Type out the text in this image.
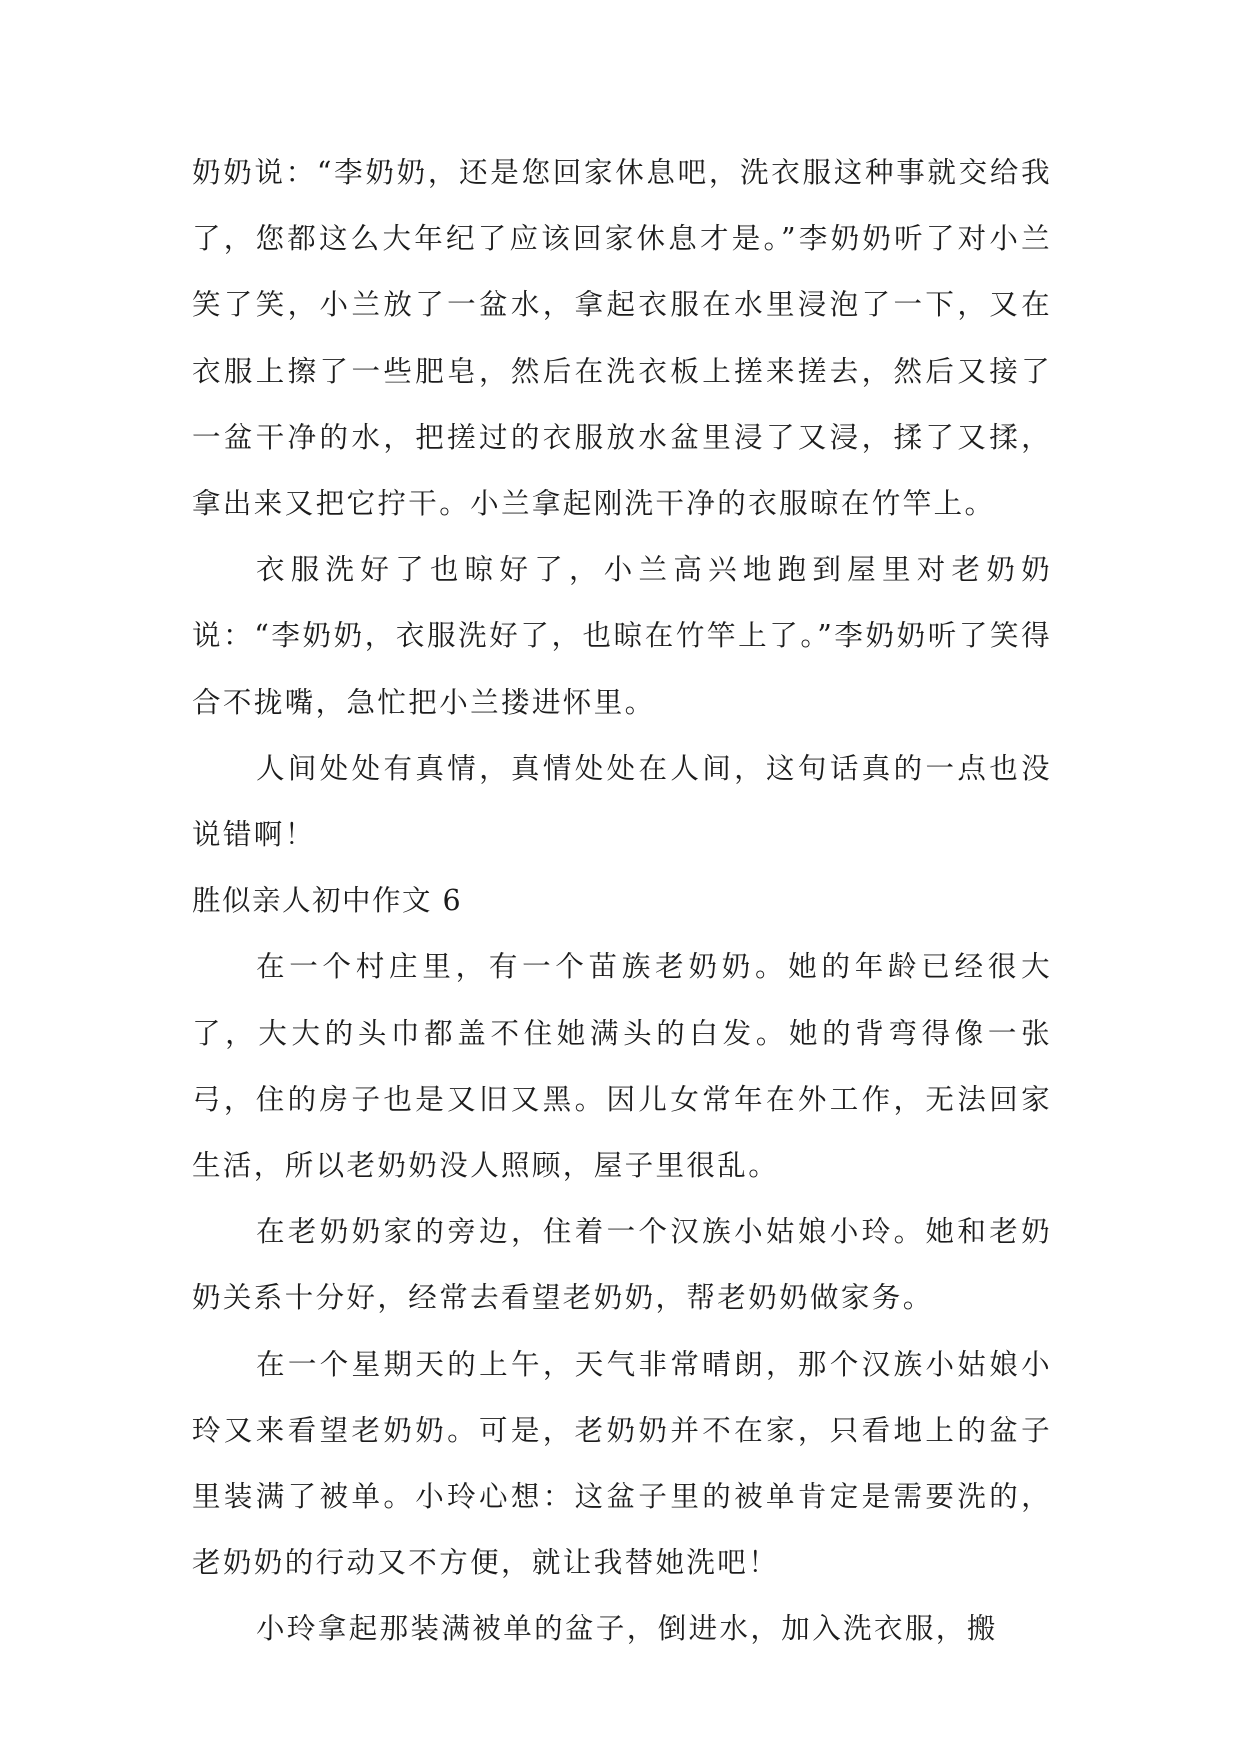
奶奶说：“李奶奶，还是您回家休息吧，洗衣服这种事就交给我了，您都这么大年纪了应该回家休息才是。”李奶奶听了对小兰笑了笑，小兰放了一盆水，拿起衣服在水里浸泡了一下，又在衣服上擦了一些肥皂，然后在洗衣板上搓来搓去，然后又接了一盆干净的水，把搓过的衣服放水盆里浸了又浸，揉了又揉，拿出来又把它拧干。小兰拿起刚洗干净的衣服晾在竹竿上。

衣服洗好了也晾好了，小兰高兴地跑到屋里对老奶奶说：“李奶奶，衣服洗好了，也晾在竹竿上了。”李奶奶听了笑得合不拢嘴，急忙把小兰搂进怀里。

人间处处有真情，真情处处在人间，这句话真的一点也没说错啊！

胜似亲人初中作文 6

在一个村庄里，有一个苗族老奶奶。她的年龄已经很大了，大大的头巾都盖不住她满头的白发。她的背弯得像一张弓，住的房子也是又旧又黑。因儿女常年在外工作，无法回家生活，所以老奶奶没人照顾，屋子里很乱。

在老奶奶家的旁边，住着一个汉族小姑娘小玲。她和老奶奶关系十分好，经常去看望老奶奶，帮老奶奶做家务。

在一个星期天的上午，天气非常晴朗，那个汉族小姑娘小玲又来看望老奶奶。可是，老奶奶并不在家，只看地上的盆子里装满了被单。小玲心想：这盆子里的被单肯定是需要洗的，老奶奶的行动又不方便，就让我替她洗吧！

小玲拿起那装满被单的盆子，倒进水，加入洗衣服，搬
